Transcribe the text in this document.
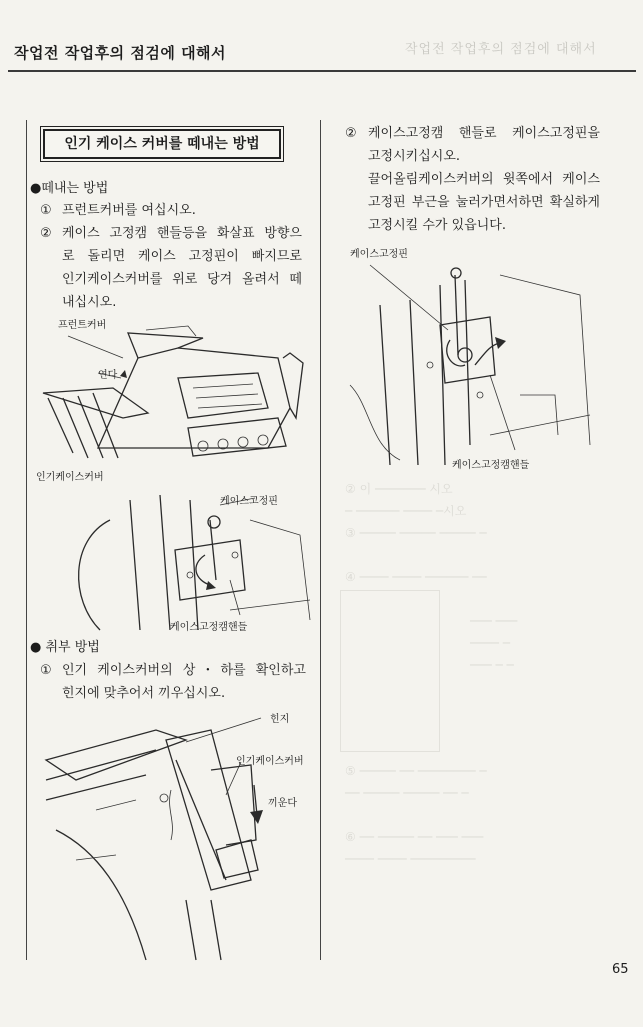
작업전 작업후의 점검에 대해서	작업전 작업후의 점검에 대해서
② 이 ─────── 시오
─ ────── ──── ─시오
③ ───── ───── ───── ─
④ ──── ──── ────── ──
─── ───
──── ─
─── ─ ─
⑤ ───── ── ──────── ─
── ───── ───── ── ─
⑥ ── ───── ── ─── ───
──── ──── ─────────
인기 케이스 커버를 떼내는 방법
●떼내는 방법
① 프런트커버를 여십시오.
② 케이스 고정캠 핸들등을 화살표 방향으
로 돌리면 케이스 고정핀이 빠지므로
인기케이스커버를 위로 당겨 올려서 떼
내십시오.
프런트커버
연다
인기케이스커버
케이스고정핀
케이스고정캠핸들
● 취부 방법
① 인기 케이스커버의 상・하를 확인하고
힌지에 맞추어서 끼우십시오.
힌지
인기케이스커버
끼운다
② 케이스고정캠 핸들로 케이스고정핀을
고정시키십시오.
끌어올림케이스커버의 윗쪽에서 케이스
고정핀 부근을 눌러가면서하면 확실하게
고정시킬 수가 있읍니다.
케이스고정핀
케이스고정캠핸들
65
